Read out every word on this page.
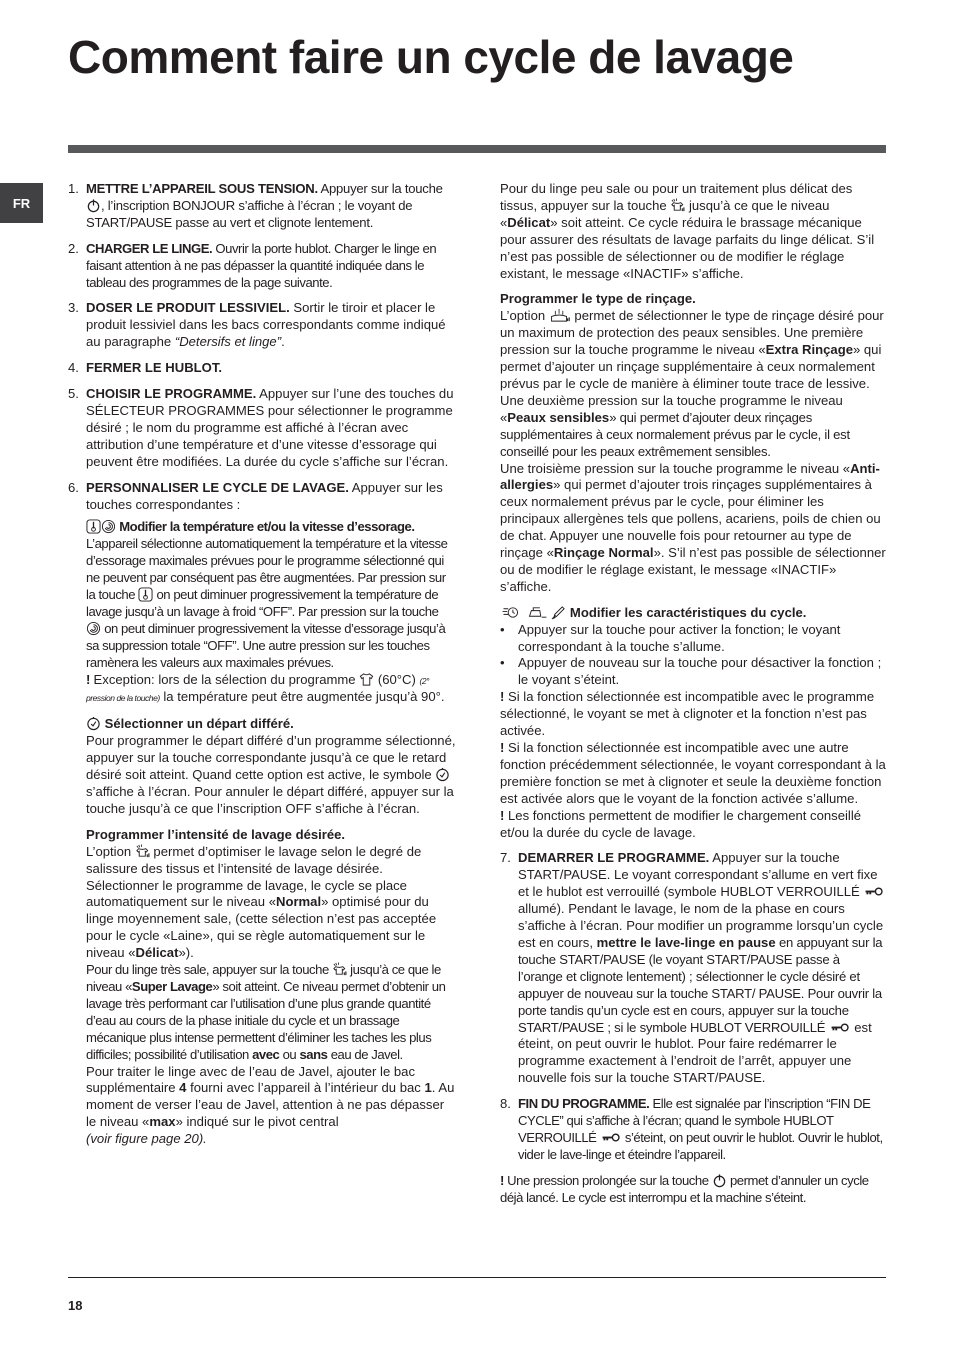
Comment faire un cycle de lavage
FR
1. METTRE L’APPAREIL SOUS TENSION. Appuyer sur la touche
, l’inscription BONJOUR s’affiche à l’écran ; le voyant de START/PAUSE passe au vert et clignote lentement.
2. CHARGER LE LINGE. Ouvrir la porte hublot. Charger le linge en faisant attention à ne pas dépasser la quantité indiquée dans le tableau des programmes de la page suivante.
3. DOSER LE PRODUIT LESSIVIEL. Sortir le tiroir et placer le produit lessiviel dans les bacs correspondants comme indiqué au paragraphe “Detersifs et linge”.
4. FERMER LE HUBLOT.
5. CHOISIR LE PROGRAMME. Appuyer sur l’une des touches du SÉLECTEUR PROGRAMMES pour sélectionner le programme désiré ; le nom du programme est affiché à l’écran avec attribution d’une température et d’une vitesse d’essorage qui peuvent être modifiées. La durée du cycle s’affiche sur l’écran.
6. PERSONNALISER LE CYCLE DE LAVAGE. Appuyer sur les touches correspondantes :
Modifier la température et/ou la vitesse d’essorage. L’appareil sélectionne automatiquement la température et la vitesse d’essorage maximales prévues pour le programme sélectionné qui ne peuvent par conséquent pas être augmentées. Par pression sur la touche
on peut diminuer progressivement la température de lavage jusqu’à un lavage à froid “OFF”. Par pression sur la touche
on peut diminuer progressivement la vitesse d’essorage jusqu’à sa suppression totale “OFF”. Une autre pression sur les touches ramènera les valeurs aux maximales prévues.
! Exception: lors de la sélection du programme
(60°C) (2° pression de la touche) la température peut être augmentée jusqu’à 90°.
Sélectionner un départ différé.
Pour programmer le départ différé d’un programme sélectionné, appuyer sur la touche correspondante jusqu’à ce que le retard désiré soit atteint. Quand cette option est active, le symbole
s’affiche à l’écran. Pour annuler le départ différé, appuyer sur la touche jusqu’à ce que l’inscription OFF s’affiche à l’écran.
Programmer l’intensité de lavage désirée.
L’option
permet d’optimiser le lavage selon le degré de salissure des tissus et l’intensité de lavage désirée. Sélectionner le programme de lavage, le cycle se place automatiquement sur le niveau «Normal» optimisé pour du linge moyennement sale, (cette sélection n’est pas acceptée pour le cycle «Laine», qui se règle automatiquement sur le niveau «Délicat»).
Pour du linge très sale, appuyer sur la touche
jusqu’à ce que le niveau «Super Lavage» soit atteint. Ce niveau permet d’obtenir un lavage très performant car l’utilisation d’une plus grande quantité d’eau au cours de la phase initiale du cycle et un brassage mécanique plus intense permettent d’éliminer les taches les plus difficiles; possibilité d’utilisation avec ou sans eau de Javel.
Pour traiter le linge avec de l’eau de Javel, ajouter le bac supplémentaire 4 fourni avec l’appareil à l’intérieur du bac 1. Au moment de verser l’eau de Javel, attention à ne pas dépasser le niveau «max» indiqué sur le pivot central
(voir figure page 20).
Pour du linge peu sale ou pour un traitement plus délicat des tissus, appuyer sur la touche
jusqu’à ce que le niveau «Délicat» soit atteint. Ce cycle réduira le brassage mécanique pour assurer des résultats de lavage parfaits du linge délicat. S’il n’est pas possible de sélectionner ou de modifier le réglage existant, le message «INACTIF» s’affiche.
Programmer le type de rinçage.
L’option
permet de sélectionner le type de rinçage désiré pour un maximum de protection des peaux sensibles. Une première pression sur la touche programme le niveau «Extra Rinçage» qui permet d’ajouter un rinçage supplémentaire à ceux normalement prévus par le cycle de manière à éliminer toute trace de lessive. Une deuxième pression sur la touche programme le niveau «Peaux sensibles» qui permet d’ajouter deux rinçages supplémentaires à ceux normalement prévus par le cycle, il est conseillé pour les peaux extrêmement sensibles.
Une troisième pression sur la touche programme le niveau «Anti-allergies» qui permet d’ajouter trois rinçages supplémentaires à ceux normalement prévus par le cycle, pour éliminer les principaux allergènes tels que pollens, acariens, poils de chien ou de chat. Appuyer une nouvelle fois pour retourner au type de rinçage «Rinçage Normal». S’il n’est pas possible de sélectionner ou de modifier le réglage existant, le message «INACTIF» s’affiche.

Modifier les caractéristiques du cycle.
•	Appuyer sur la touche pour activer la fonction; le voyant correspondant à la touche s’allume.
•	Appuyer de nouveau sur la touche pour désactiver la fonction ; le voyant s’éteint.
! Si la fonction sélectionnée est incompatible avec le programme sélectionné, le voyant se met à clignoter et la fonction n’est pas activée.
! Si la fonction sélectionnée est incompatible avec une autre fonction précédemment sélectionnée, le voyant correspondant à la première fonction se met à clignoter et seule la deuxième fonction est activée alors que le voyant de la fonction activée s’allume.
! Les fonctions permettent de modifier le chargement conseillé et/ou la durée du cycle de lavage.
7. DEMARRER LE PROGRAMME. Appuyer sur la touche START/PAUSE. Le voyant correspondant s’allume en vert fixe et le hublot est verrouillé (symbole HUBLOT VERROUILLÉ
allumé). Pendant le lavage, le nom de la phase en cours s’affiche à l’écran. Pour modifier un programme lorsqu’un cycle est en cours, mettre le lave-linge en pause en appuyant sur la touche START/PAUSE (le voyant START/PAUSE passe à l’orange et clignote lentement) ; sélectionner le cycle désiré et appuyer de nouveau sur la touche START/ PAUSE. Pour ouvrir la porte tandis qu’un cycle est en cours, appuyer sur la touche START/PAUSE ; si le symbole HUBLOT VERROUILLÉ
est éteint, on peut ouvrir le hublot. Pour faire redémarrer le programme exactement à l’endroit de l’arrêt, appuyer une nouvelle fois sur la touche START/PAUSE.
8. FIN DU PROGRAMME. Elle est signalée par l’inscription “FIN DE CYCLE” qui s’affiche à l’écran; quand le symbole HUBLOT VERROUILLÉ
s’éteint, on peut ouvrir le hublot. Ouvrir le hublot, vider le lave-linge et éteindre l’appareil.
! Une pression prolongée sur la touche
permet d’annuler un cycle déjà lancé. Le cycle est interrompu et la machine s’éteint.
18
